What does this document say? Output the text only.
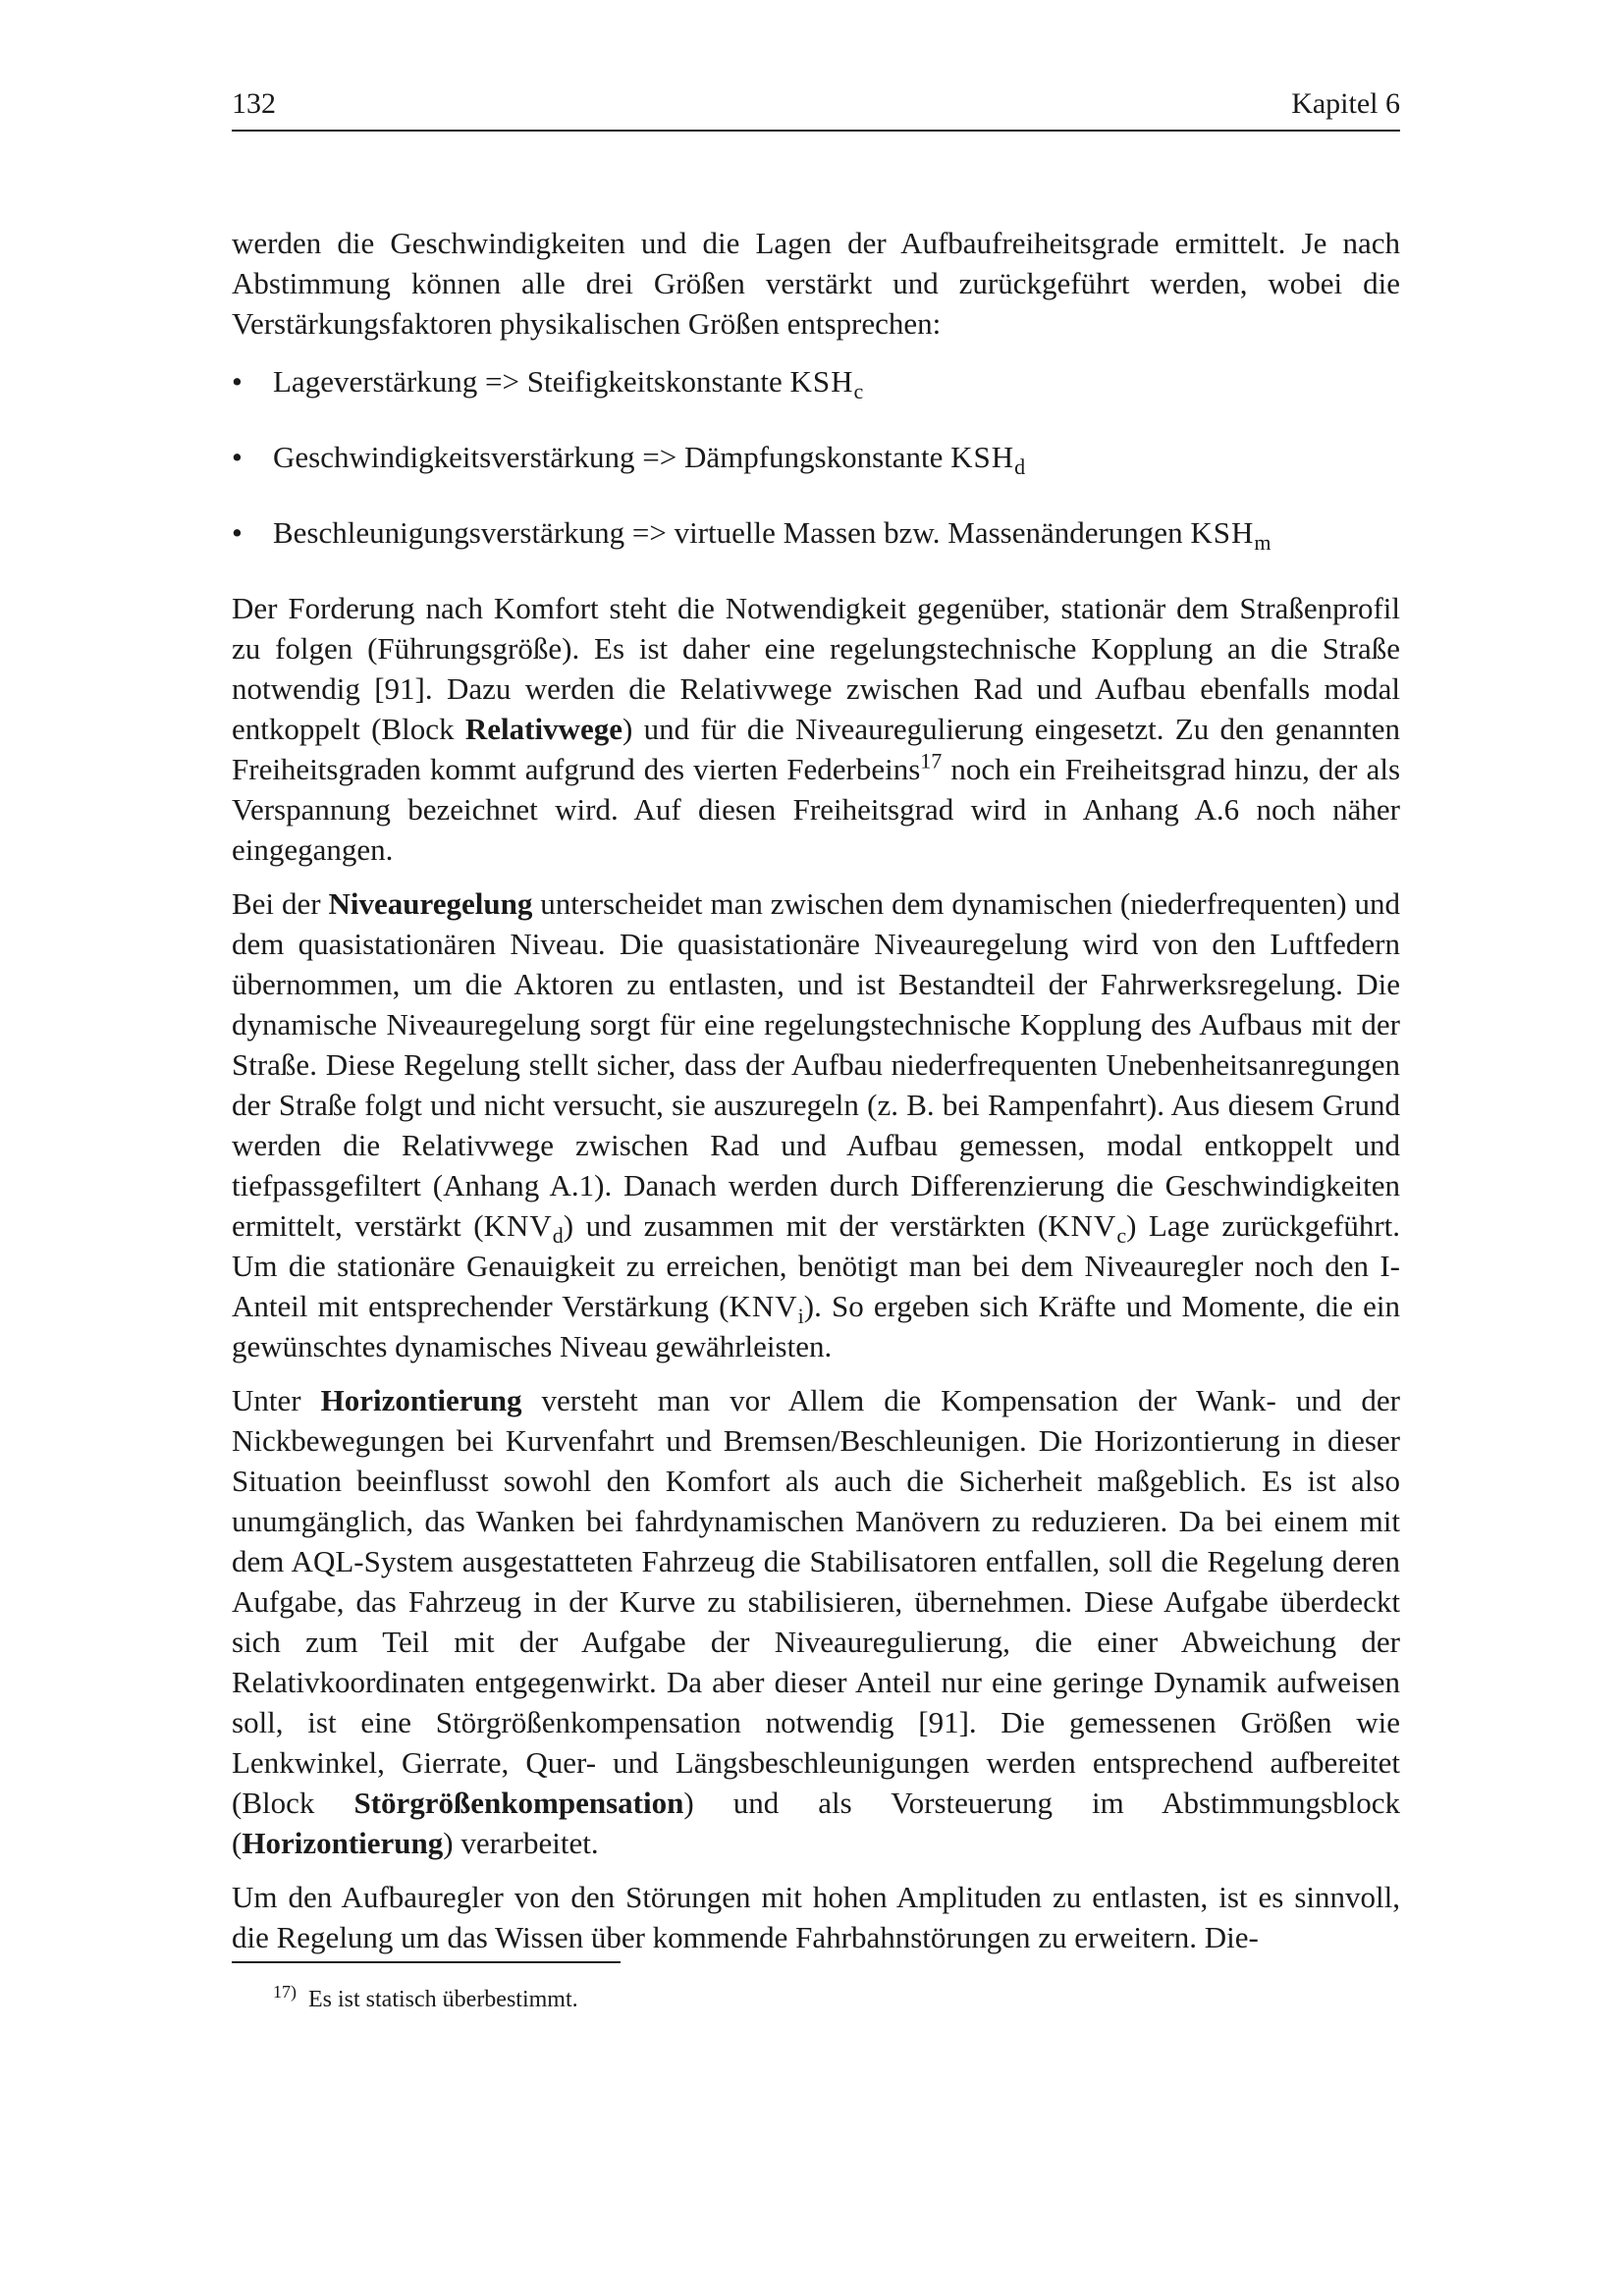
132	Kapitel 6

werden die Geschwindigkeiten und die Lagen der Aufbaufreiheitsgrade ermittelt. Je nach Abstimmung können alle drei Größen verstärkt und zurückgeführt werden, wobei die Verstärkungsfaktoren physikalischen Größen entsprechen:

• Lageverstärkung => Steifigkeitskonstante $KSH_c$
• Geschwindigkeitsverstärkung => Dämpfungskonstante $KSH_d$
• Beschleunigungsverstärkung => virtuelle Massen bzw. Massenänderungen $KSH_m$

Der Forderung nach Komfort steht die Notwendigkeit gegenüber, stationär dem Straßenprofil zu folgen (Führungsgröße). Es ist daher eine regelungstechnische Kopplung an die Straße notwendig [91]. Dazu werden die Relativwege zwischen Rad und Aufbau ebenfalls modal entkoppelt (Block Relativwege) und für die Niveauregulierung eingesetzt. Zu den genannten Freiheitsgraden kommt aufgrund des vierten Federbeins$^{17}$ noch ein Freiheitsgrad hinzu, der als Verspannung bezeichnet wird. Auf diesen Freiheitsgrad wird in Anhang A.6 noch näher eingegangen.

Bei der Niveauregelung unterscheidet man zwischen dem dynamischen (niederfrequenten) und dem quasistationären Niveau. Die quasistationäre Niveauregelung wird von den Luftfedern übernommen, um die Aktoren zu entlasten, und ist Bestandteil der Fahrwerksregelung. Die dynamische Niveauregelung sorgt für eine regelungstechnische Kopplung des Aufbaus mit der Straße. Diese Regelung stellt sicher, dass der Aufbau niederfrequenten Unebenheitsanregungen der Straße folgt und nicht versucht, sie auszuregeln (z. B. bei Rampenfahrt). Aus diesem Grund werden die Relativwege zwischen Rad und Aufbau gemessen, modal entkoppelt und tiefpassgefiltert (Anhang A.1). Danach werden durch Differenzierung die Geschwindigkeiten ermittelt, verstärkt $(KNV_d)$ und zusammen mit der verstärkten $(KNV_c)$ Lage zurückgeführt. Um die stationäre Genauigkeit zu erreichen, benötigt man bei dem Niveauregler noch den I-Anteil mit entsprechender Verstärkung $(KNV_i)$. So ergeben sich Kräfte und Momente, die ein gewünschtes dynamisches Niveau gewährleisten.

Unter Horizontierung versteht man vor Allem die Kompensation der Wank- und der Nickbewegungen bei Kurvenfahrt und Bremsen/Beschleunigen. Die Horizontierung in dieser Situation beeinflusst sowohl den Komfort als auch die Sicherheit maßgeblich. Es ist also unumgänglich, das Wanken bei fahrdynamischen Manövern zu reduzieren. Da bei einem mit dem AQL-System ausgestatteten Fahrzeug die Stabilisatoren entfallen, soll die Regelung deren Aufgabe, das Fahrzeug in der Kurve zu stabilisieren, übernehmen. Diese Aufgabe überdeckt sich zum Teil mit der Aufgabe der Niveauregulierung, die einer Abweichung der Relativkoordinaten entgegenwirkt. Da aber dieser Anteil nur eine geringe Dynamik aufweisen soll, ist eine Störgrößenkompensation notwendig [91]. Die gemessenen Größen wie Lenkwinkel, Gierrate, Quer- und Längsbeschleunigungen werden entsprechend aufbereitet (Block Störgrößenkompensation) und als Vorsteuerung im Abstimmungsblock (Horizontierung) verarbeitet.

Um den Aufbauregler von den Störungen mit hohen Amplituden zu entlasten, ist es sinnvoll, die Regelung um das Wissen über kommende Fahrbahnstörungen zu erweitern. Die-

$^{17)}$ Es ist statisch überbestimmt.
